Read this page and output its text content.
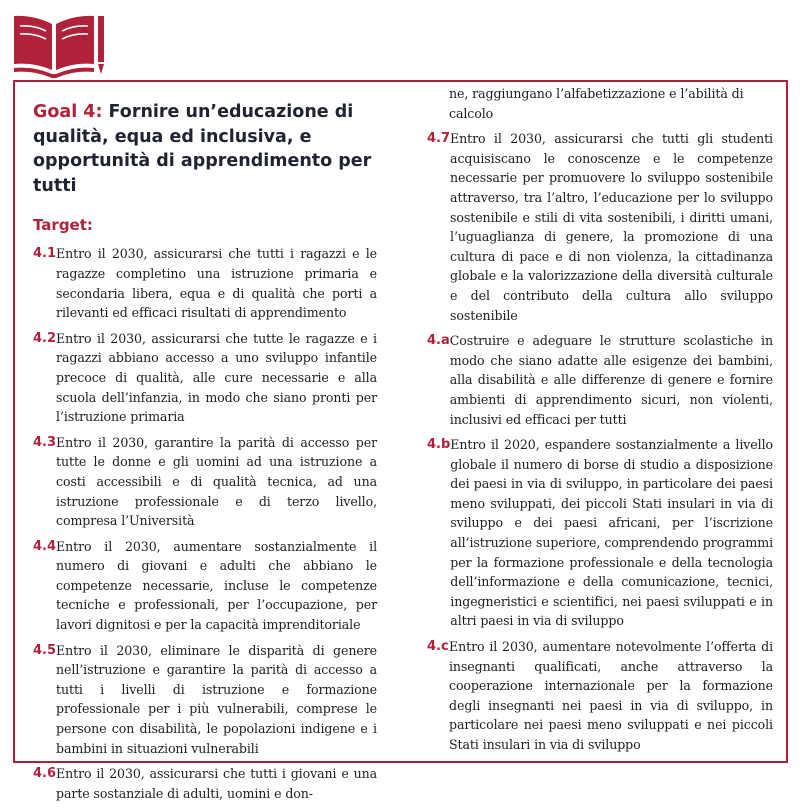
Goal 4: Fornire un’educazione di qualità, equa ed inclusiva, e opportunità di apprendimento per tutti
Target:
4.1 Entro il 2030, assicurarsi che tutti i ragazzi e le ragazze completino una istruzione primaria e secondaria libera, equa e di qualità che porti a rilevanti ed efficaci risultati di apprendimento
4.2 Entro il 2030, assicurarsi che tutte le ragazze e i ragazzi abbiano accesso a uno sviluppo infantile precoce di qualità, alle cure necessarie e alla scuola dell’infanzia, in modo che siano pronti per l’istruzione primaria
4.3 Entro il 2030, garantire la parità di accesso per tutte le donne e gli uomini ad una istruzione a costi accessibili e di qualità tecnica, ad una istruzione professionale e di terzo livello, compresa l’Università
4.4 Entro il 2030, aumentare sostanzialmente il numero di giovani e adulti che abbiano le competenze necessarie, incluse le competenze tecniche e professionali, per l’occupazione, per lavori dignitosi e per la capacità imprenditoriale
4.5 Entro il 2030, eliminare le disparità di genere nell’istruzione e garantire la parità di accesso a tutti i livelli di istruzione e formazione professionale per i più vulnerabili, comprese le persone con disabilità, le popolazioni indigene e i bambini in situazioni vulnerabili
4.6 Entro il 2030, assicurarsi che tutti i giovani e una parte sostanziale di adulti, uomini e don-
ne, raggiungano l’alfabetizzazione e l’abilità di calcolo
4.7 Entro il 2030, assicurarsi che tutti gli studenti acquisiscano le conoscenze e le competenze necessarie per promuovere lo sviluppo sostenibile attraverso, tra l’altro, l’educazione per lo sviluppo sostenibile e stili di vita sostenibili, i diritti umani, l’uguaglianza di genere, la promozione di una cultura di pace e di non violenza, la cittadinanza globale e la valorizzazione della diversità culturale e del contributo della cultura allo sviluppo sostenibile
4.a Costruire e adeguare le strutture scolastiche in modo che siano adatte alle esigenze dei bambini, alla disabilità e alle differenze di genere e fornire ambienti di apprendimento sicuri, non violenti, inclusivi ed efficaci per tutti
4.b Entro il 2020, espandere sostanzialmente a livello globale il numero di borse di studio a disposizione dei paesi in via di sviluppo, in particolare dei paesi meno sviluppati, dei piccoli Stati insulari in via di sviluppo e dei paesi africani, per l’iscrizione all’istruzione superiore, comprendendo programmi per la formazione professionale e della tecnologia dell’informazione e della comunicazione, tecnici, ingegneristici e scientifici, nei paesi sviluppati e in altri paesi in via di sviluppo
4.c Entro il 2030, aumentare notevolmente l’offerta di insegnanti qualificati, anche attraverso la cooperazione internazionale per la formazione degli insegnanti nei paesi in via di sviluppo, in particolare nei paesi meno sviluppati e nei piccoli Stati insulari in via di sviluppo
